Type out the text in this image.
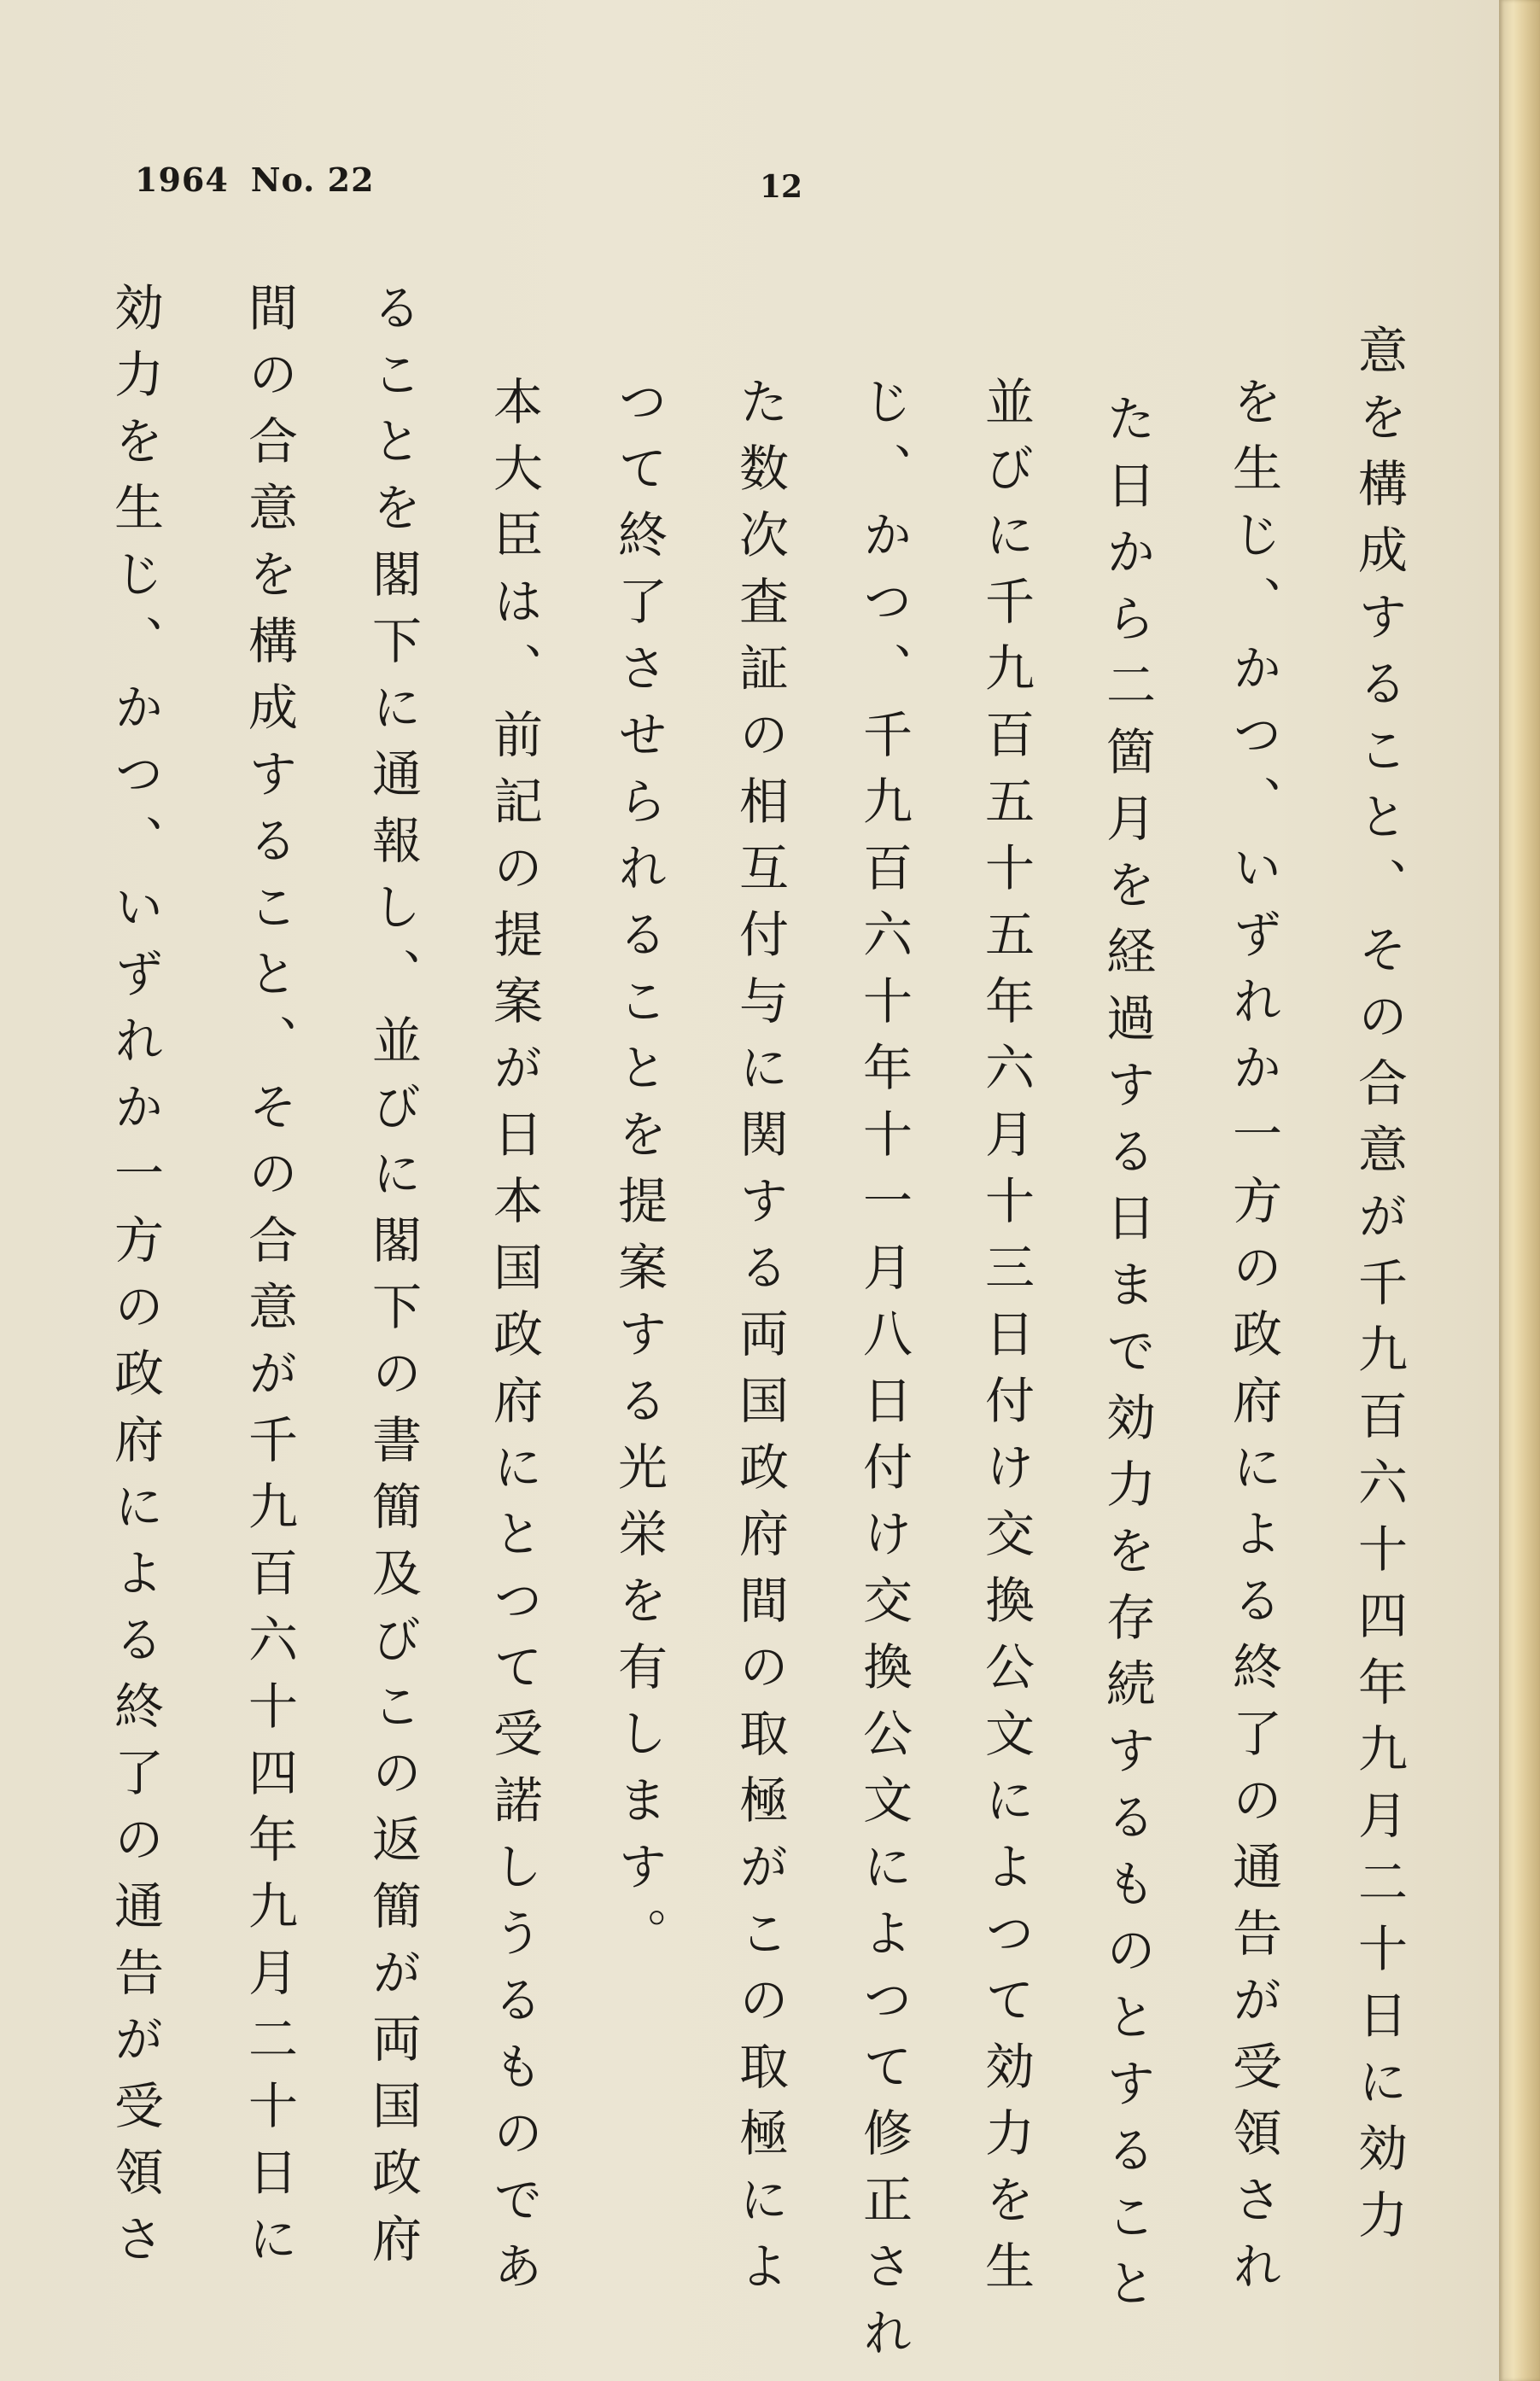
1964 No. 22	12
意を構成すること、その合意が千九百六十四年九月二十日に効力
を生じ、かつ、いずれか一方の政府による終了の通告が受領され
た日から二箇月を経過する日まで効力を存続するものとすること
並びに千九百五十五年六月十三日付け交換公文によつて効力を生
じ、かつ、千九百六十年十一月八日付け交換公文によつて修正され
た数次査証の相互付与に関する両国政府間の取極がこの取極によ
つて終了させられることを提案する光栄を有します。
本大臣は、前記の提案が日本国政府にとつて受諾しうるものであ
ることを閣下に通報し、並びに閣下の書簡及びこの返簡が両国政府
間の合意を構成すること、その合意が千九百六十四年九月二十日に
効力を生じ、かつ、いずれか一方の政府による終了の通告が受領さ
